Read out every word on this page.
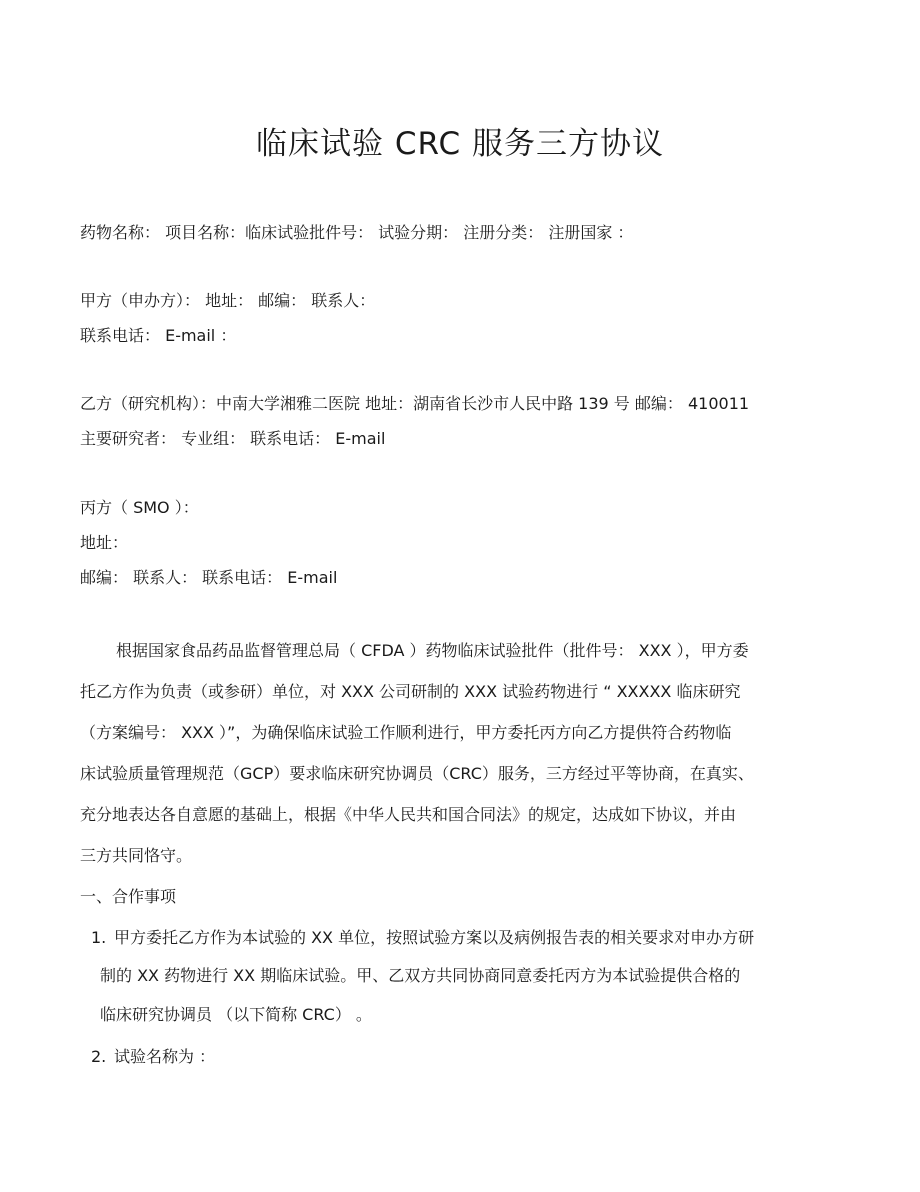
临床试验 CRC 服务三方协议
药物名称： 项目名称：临床试验批件号： 试验分期： 注册分类： 注册国家 ：
甲方（申办方）： 地址： 邮编： 联系人：
联系电话： E-mail ：
乙方（研究机构）：中南大学湘雅二医院 地址：湖南省长沙市人民中路 139 号 邮编： 410011
主要研究者： 专业组： 联系电话： E-mail
丙方（ SMO ）：
地址：
邮编： 联系人： 联系电话： E-mail
根据国家食品药品监督管理总局（ CFDA ）药物临床试验批件（批件号： XXX ），甲方委
托乙方作为负责（或参研）单位，对 XXX 公司研制的 XXX 试验药物进行 “ XXXXX 临床研究
（方案编号： XXX ）”，为确保临床试验工作顺利进行，甲方委托丙方向乙方提供符合药物临
床试验质量管理规范（GCP）要求临床研究协调员（CRC）服务，三方经过平等协商，在真实、
充分地表达各自意愿的基础上，根据《中华人民共和国合同法》的规定，达成如下协议，并由
三方共同恪守。
一、合作事项
1. 甲方委托乙方作为本试验的 XX 单位，按照试验方案以及病例报告表的相关要求对申办方研
制的 XX 药物进行 XX 期临床试验。甲、乙双方共同协商同意委托丙方为本试验提供合格的
临床研究协调员 （以下简称 CRC） 。
2. 试验名称为 ：
